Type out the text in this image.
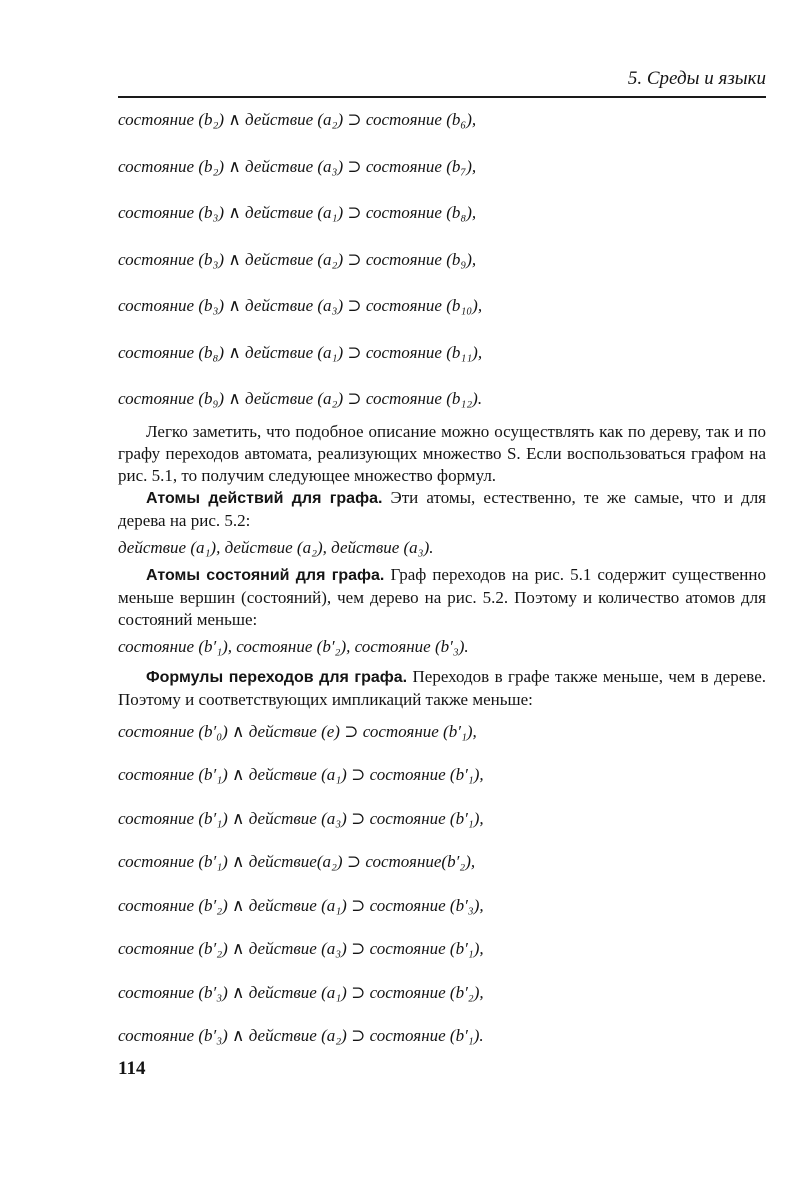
5. Среды и языки
состояние (b₂) ∧ действие (a₂) ⊃ состояние (b₆),
состояние (b₂) ∧ действие (a₃) ⊃ состояние (b₇),
состояние (b₃) ∧ действие (a₁) ⊃ состояние (b₈),
состояние (b₃) ∧ действие (a₂) ⊃ состояние (b₉),
состояние (b₃) ∧ действие (a₃) ⊃ состояние (b₁₀),
состояние (b₈) ∧ действие (a₁) ⊃ состояние (b₁₁),
состояние (b₉) ∧ действие (a₂) ⊃ состояние (b₁₂).
Легко заметить, что подобное описание можно осуществлять как по дереву, так и по графу переходов автомата, реализующих множество S. Если воспользоваться графом на рис. 5.1, то получим следующее множество формул.
Атомы действий для графа. Эти атомы, естественно, те же самые, что и для дерева на рис. 5.2:
действие (a₁), действие (a₂), действие (a₃).
Атомы состояний для графа. Граф переходов на рис. 5.1 содержит существенно меньше вершин (состояний), чем дерево на рис. 5.2. Поэтому и количество атомов для состояний меньше:
состояние (b′₁), состояние (b′₂), состояние (b′₃).
Формулы переходов для графа. Переходов в графе также меньше, чем в дереве. Поэтому и соответствующих импликаций также меньше:
состояние (b′₀) ∧ действие (e) ⊃ состояние (b′₁),
состояние (b′₁) ∧ действие (a₁) ⊃ состояние (b′₁),
состояние (b′₁) ∧ действие (a₃) ⊃ состояние (b′₁),
состояние (b′₁) ∧ действие(a₂) ⊃ состояние(b′₂),
состояние (b′₂) ∧ действие (a₁) ⊃ состояние (b′₃),
состояние (b′₂) ∧ действие (a₃) ⊃ состояние (b′₁),
состояние (b′₃) ∧ действие (a₁) ⊃ состояние (b′₂),
состояние (b′₃) ∧ действие (a₂) ⊃ состояние (b′₁).
114
